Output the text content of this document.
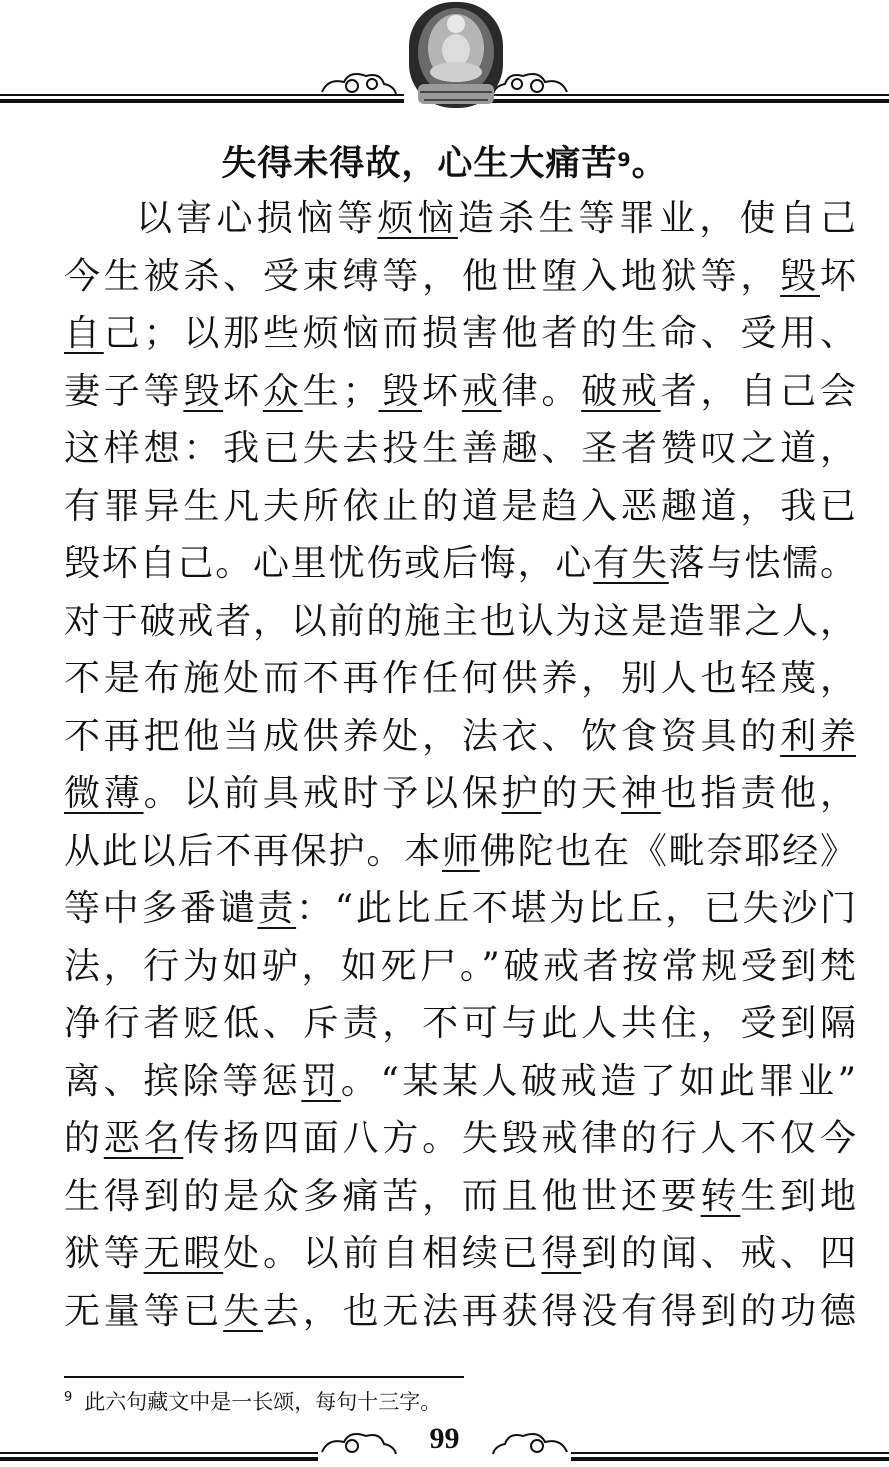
失得未得故，心生大痛苦$^9$。
以害心损恼等烦恼造杀生等罪业，使自己
今生被杀、受束缚等，他世堕入地狱等，毁坏
自己；以那些烦恼而损害他者的生命、受用、
妻子等毁坏众生；毁坏戒律。破戒者，自己会
这样想：我已失去投生善趣、圣者赞叹之道，
有罪异生凡夫所依止的道是趋入恶趣道，我已
毁坏自己。心里忧伤或后悔，心有失落与怯懦。
对于破戒者，以前的施主也认为这是造罪之人，
不是布施处而不再作任何供养，别人也轻蔑，
不再把他当成供养处，法衣、饮食资具的利养
微薄。以前具戒时予以保护的天神也指责他，
从此以后不再保护。本师佛陀也在《毗奈耶经》
等中多番谴责：“此比丘不堪为比丘，已失沙门
法，行为如驴，如死尸。”破戒者按常规受到梵
净行者贬低、斥责，不可与此人共住，受到隔
离、摈除等惩罚。“某某人破戒造了如此罪业”
的恶名传扬四面八方。失毁戒律的行人不仅今
生得到的是众多痛苦，而且他世还要转生到地
狱等无暇处。以前自相续已得到的闻、戒、四
无量等已失去，也无法再获得没有得到的功德
$^9$ 此六句藏文中是一长颂，每句十三字。
99
